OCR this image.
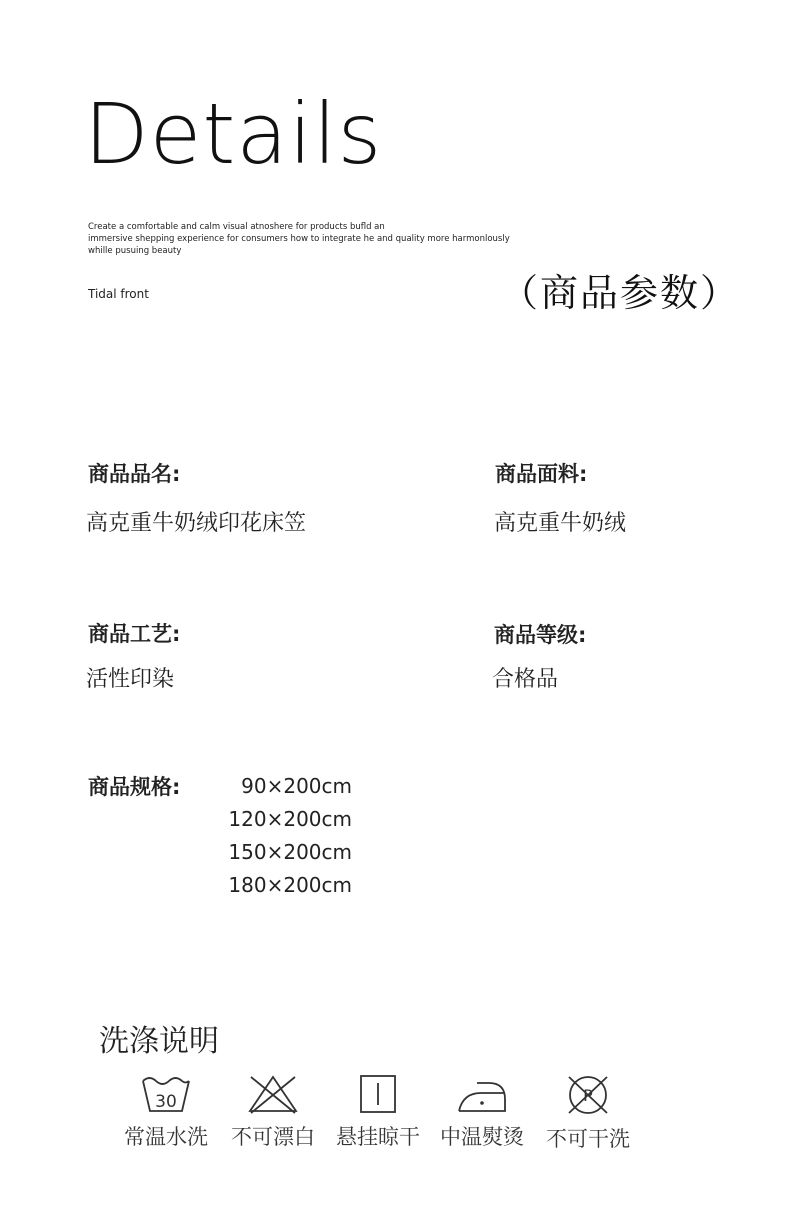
Details
Create a comfortable and calm visual atnoshere for products bufld an
immersive shepping experience for consumers how to integrate he and quality more harmonlously
whille pusuing beauty
Tidal front	（商品参数）
商品品名:
高克重牛奶绒印花床笠
商品面料:
高克重牛奶绒
商品工艺:
活性印染
商品等级:
合格品
商品规格:	90×200cm
120×200cm
150×200cm
180×200cm
洗涤说明
30
常温水洗	不可漂白	悬挂晾干 中温熨烫
P
不可干洗
